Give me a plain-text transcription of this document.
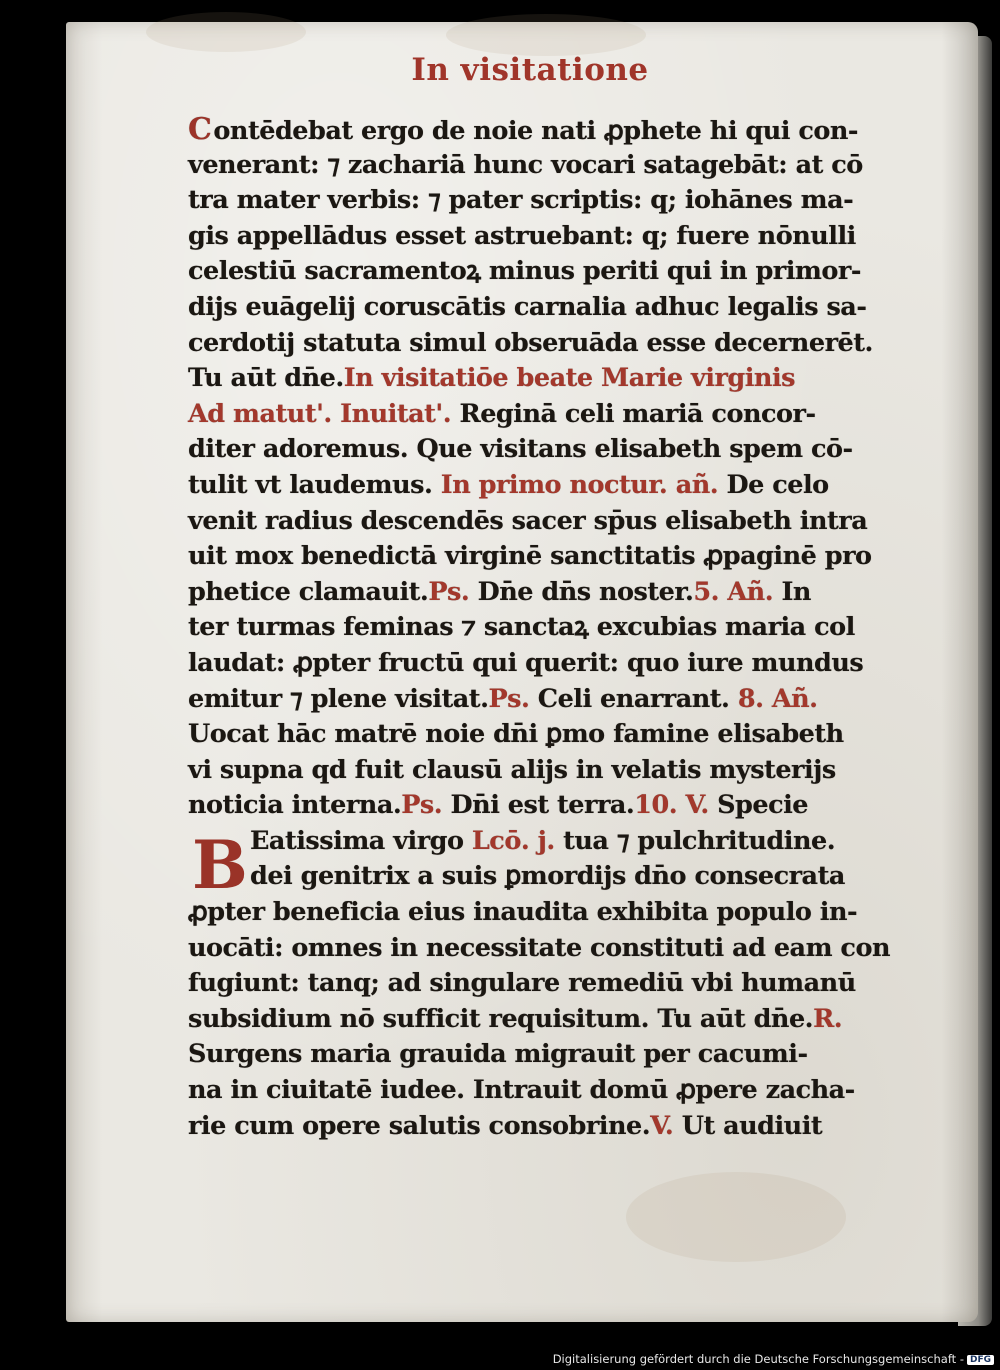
In visitatione
B
Contēdebat ergo de noie nati ꝓphete hi qui con-
venerant: ⁊ zachariā hunc vocari satagebāt: at cō
tra mater verbis: ⁊ pater scriptis: q; iohānes ma-
gis appellādus esset astruebant: q; fuere nōnulli
celestiū sacramentoꝝ minus periti qui in primor-
dijs euāgelij coruscātis carnalia adhuc legalis sa-
cerdotij statuta simul obseruāda esse decernerēt.
Tu aūt dn̄e.In visitatiōe beate Marie virginis
Ad matut'. Inuitat'. Reginā celi mariā concor-
diter adoremus. Que visitans elisabeth spem cō-
tulit vt laudemus. In primo noctur. añ. De celo
venit radius descendēs sacer sp̄us elisabeth intra
uit mox benedictā virginē sanctitatis ꝓpaginē pro
phetice clamauit.Ps. Dn̄e dn̄s noster.5. Añ. In
ter turmas feminas ⁊ sanctaꝝ excubias maria col
laudat: ꝓpter fructū qui querit: quo iure mundus
emitur ⁊ plene visitat.Ps. Celi enarrant. 8. Añ.
Uocat hāc matrē noie dn̄i ꝑmo famine elisabeth
vi supna qd fuit clausū alijs in velatis mysterijs
noticia interna.Ps. Dn̄i est terra.10. V. Specie
Eatissima virgo Lcō. j. tua ⁊ pulchritudine.
dei genitrix a suis ꝑmordijs dn̄o consecrata
ꝓpter beneficia eius inaudita exhibita populo in-
uocāti: omnes in necessitate constituti ad eam con
fugiunt: tanq; ad singulare remediū vbi humanū
subsidium nō sufficit requisitum. Tu aūt dn̄e.R.
Surgens maria grauida migrauit per cacumi-
na in ciuitatē iudee. Intrauit domū ꝓpere zacha-
rie cum opere salutis consobrine.V. Ut audiuit
Digitalisierung gefördert durch die Deutsche Forschungsgemeinschaft - DFG
